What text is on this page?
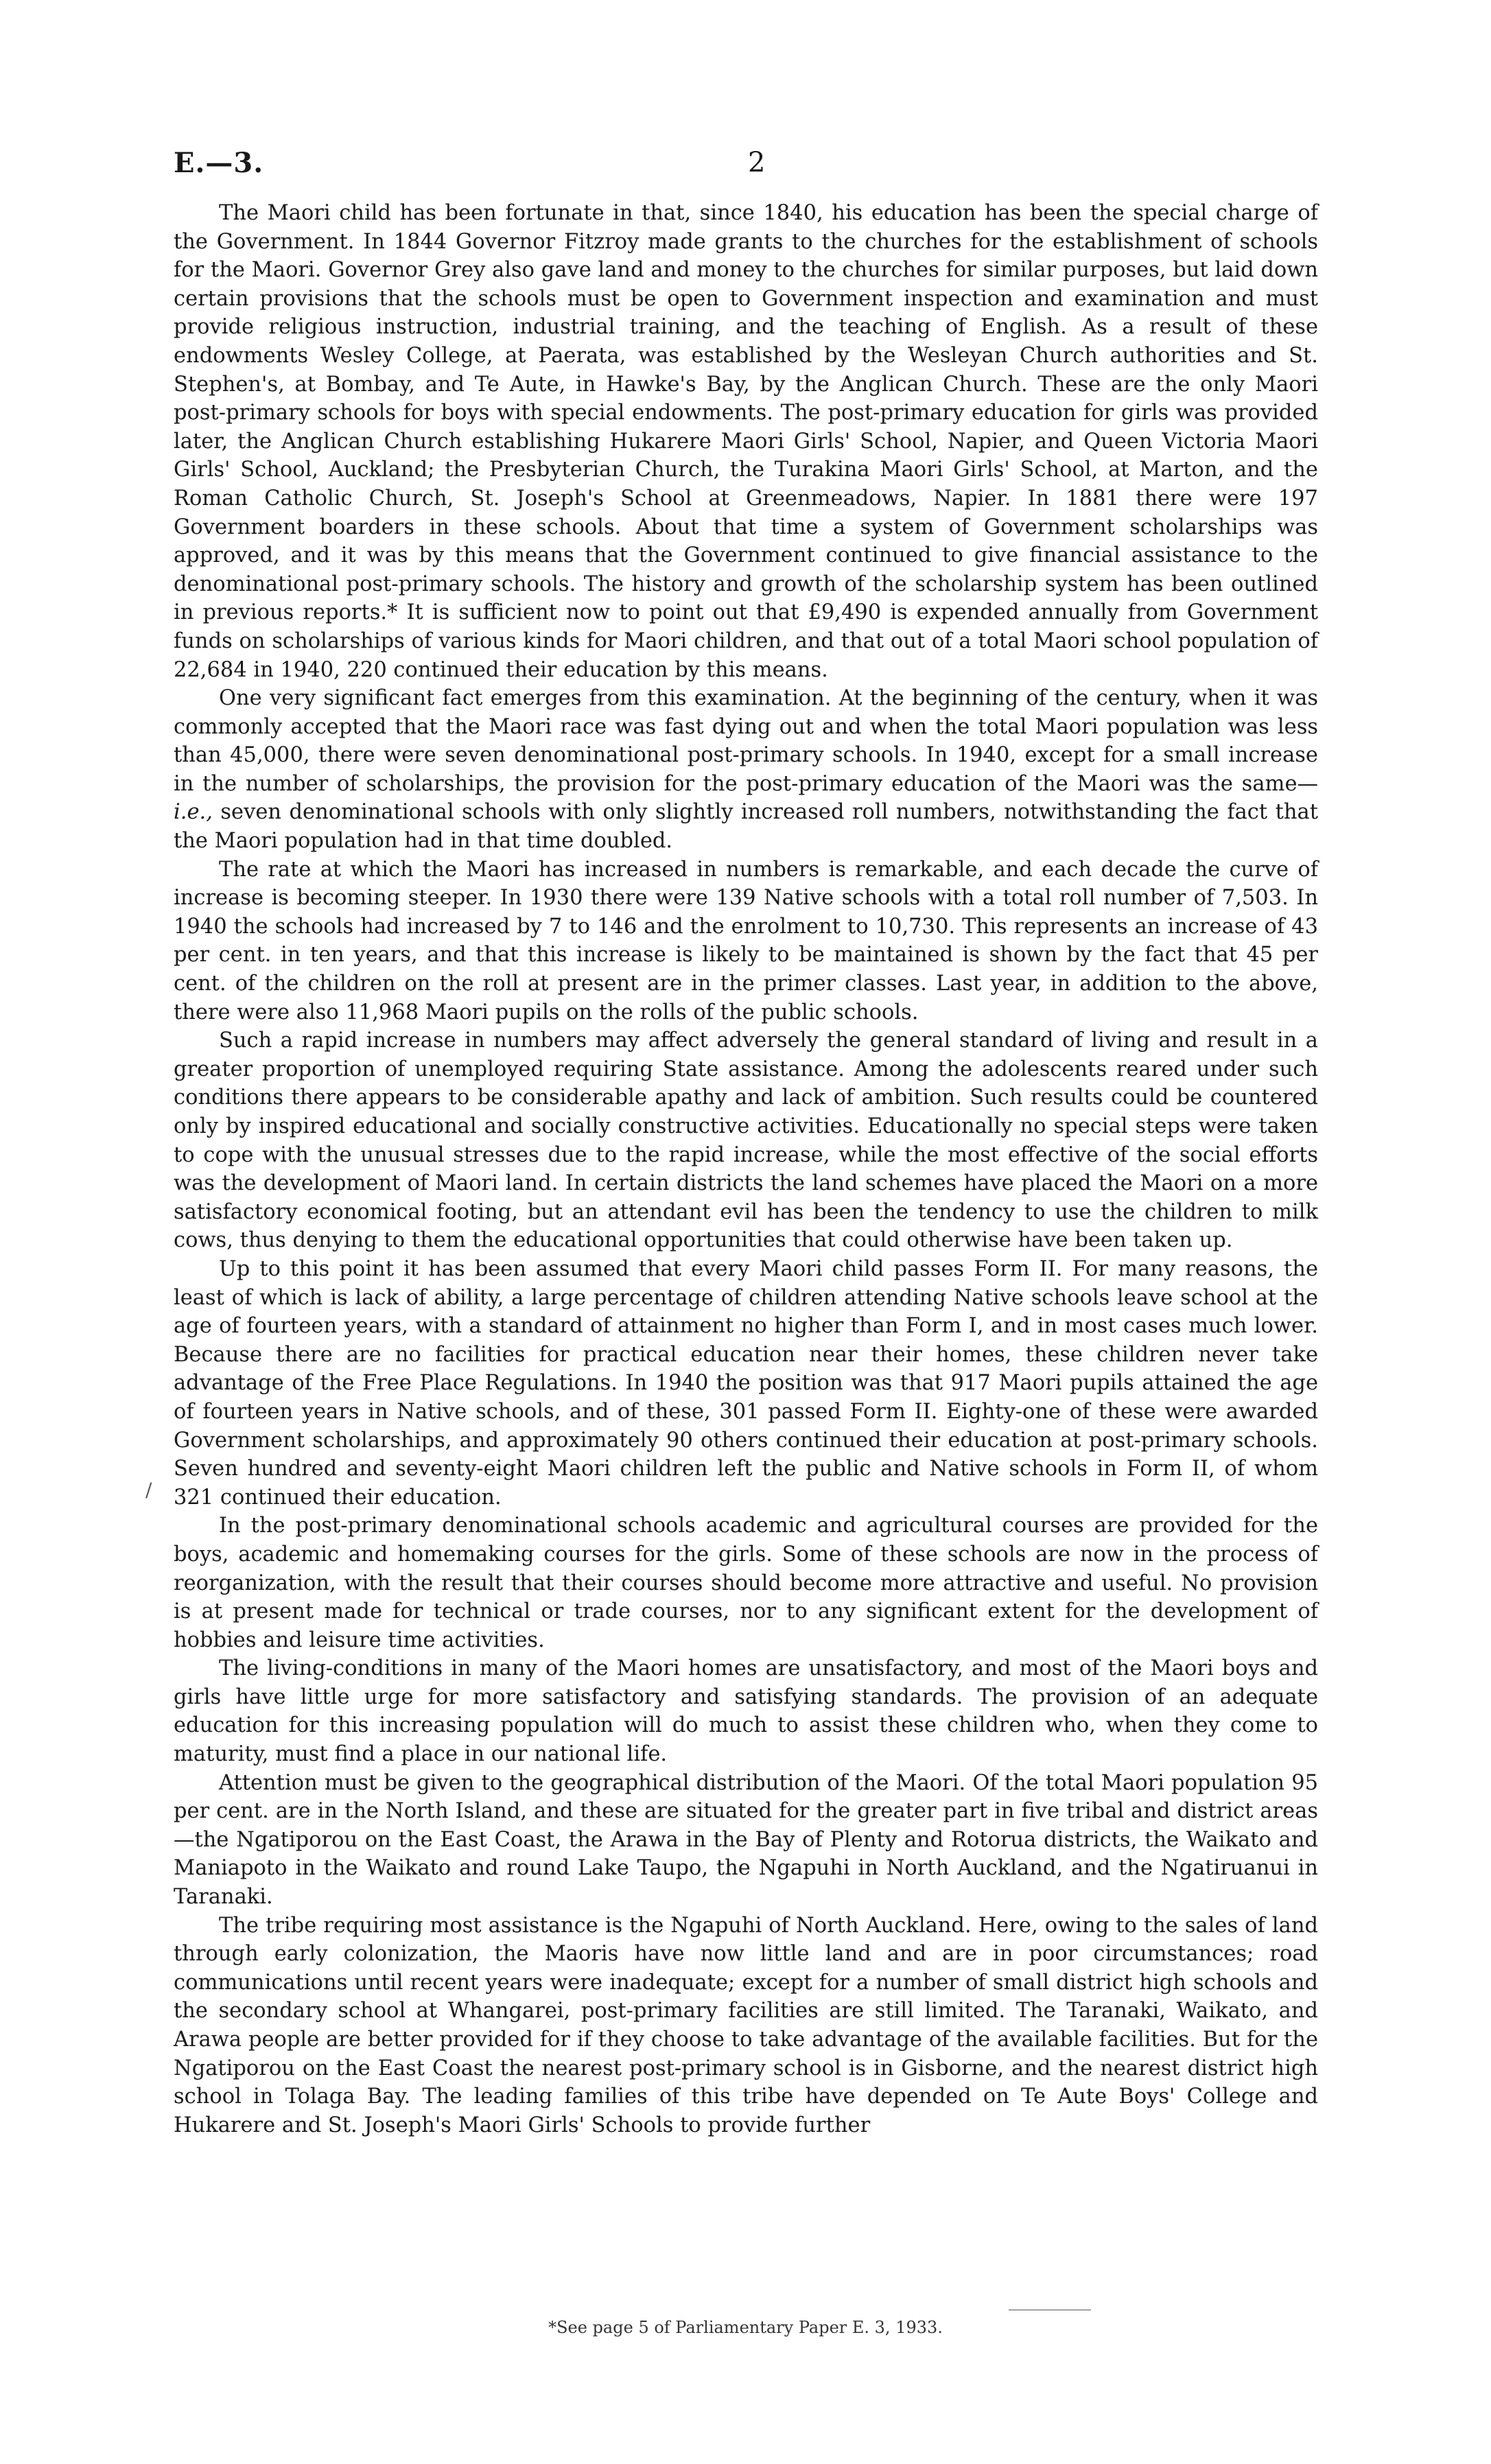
E.—3.	2
/

The Maori child has been fortunate in that, since 1840, his education has been the special charge of the Government. In 1844 Governor Fitzroy made grants to the churches for the establishment of schools for the Maori. Governor Grey also gave land and money to the churches for similar purposes, but laid down certain provisions that the schools must be open to Government inspection and examination and must provide religious instruction, industrial training, and the teaching of English. As a result of these endowments Wesley College, at Paerata, was established by the Wesleyan Church authorities and St. Stephen's, at Bombay, and Te Aute, in Hawke's Bay, by the Anglican Church. These are the only Maori post-primary schools for boys with special endowments. The post-primary education for girls was provided later, the Anglican Church establishing Hukarere Maori Girls' School, Napier, and Queen Victoria Maori Girls' School, Auckland; the Presbyterian Church, the Turakina Maori Girls' School, at Marton, and the Roman Catholic Church, St. Joseph's School at Greenmeadows, Napier. In 1881 there were 197 Government boarders in these schools. About that time a system of Government scholarships was approved, and it was by this means that the Government continued to give financial assistance to the denominational post-primary schools. The history and growth of the scholarship system has been outlined in previous reports.* It is sufficient now to point out that £9,490 is expended annually from Government funds on scholarships of various kinds for Maori children, and that out of a total Maori school population of 22,684 in 1940, 220 continued their education by this means.

One very significant fact emerges from this examination. At the beginning of the century, when it was commonly accepted that the Maori race was fast dying out and when the total Maori population was less than 45,000, there were seven denominational post-primary schools. In 1940, except for a small increase in the number of scholarships, the provision for the post-primary education of the Maori was the same—i.e., seven denominational schools with only slightly increased roll numbers, notwithstanding the fact that the Maori population had in that time doubled.

The rate at which the Maori has increased in numbers is remarkable, and each decade the curve of increase is becoming steeper. In 1930 there were 139 Native schools with a total roll number of 7,503. In 1940 the schools had increased by 7 to 146 and the enrolment to 10,730. This represents an increase of 43 per cent. in ten years, and that this increase is likely to be maintained is shown by the fact that 45 per cent. of the children on the roll at present are in the primer classes. Last year, in addition to the above, there were also 11,968 Maori pupils on the rolls of the public schools.

Such a rapid increase in numbers may affect adversely the general standard of living and result in a greater proportion of unemployed requiring State assistance. Among the adolescents reared under such conditions there appears to be considerable apathy and lack of ambition. Such results could be countered only by inspired educational and socially constructive activities. Educationally no special steps were taken to cope with the unusual stresses due to the rapid increase, while the most effective of the social efforts was the development of Maori land. In certain districts the land schemes have placed the Maori on a more satisfactory economical footing, but an attendant evil has been the tendency to use the children to milk cows, thus denying to them the educational opportunities that could otherwise have been taken up.

Up to this point it has been assumed that every Maori child passes Form II. For many reasons, the least of which is lack of ability, a large percentage of children attending Native schools leave school at the age of fourteen years, with a standard of attainment no higher than Form I, and in most cases much lower. Because there are no facilities for practical education near their homes, these children never take advantage of the Free Place Regulations. In 1940 the position was that 917 Maori pupils attained the age of fourteen years in Native schools, and of these, 301 passed Form II. Eighty-one of these were awarded Government scholarships, and approximately 90 others continued their education at post-primary schools. Seven hundred and seventy-eight Maori children left the public and Native schools in Form II, of whom 321 continued their education.

In the post-primary denominational schools academic and agricultural courses are provided for the boys, academic and homemaking courses for the girls. Some of these schools are now in the process of reorganization, with the result that their courses should become more attractive and useful. No provision is at present made for technical or trade courses, nor to any significant extent for the development of hobbies and leisure time activities.

The living-conditions in many of the Maori homes are unsatisfactory, and most of the Maori boys and girls have little urge for more satisfactory and satisfying standards. The provision of an adequate education for this increasing population will do much to assist these children who, when they come to maturity, must find a place in our national life.

Attention must be given to the geographical distribution of the Maori. Of the total Maori population 95 per cent. are in the North Island, and these are situated for the greater part in five tribal and district areas—the Ngatiporou on the East Coast, the Arawa in the Bay of Plenty and Rotorua districts, the Waikato and Maniapoto in the Waikato and round Lake Taupo, the Ngapuhi in North Auckland, and the Ngatiruanui in Taranaki.

The tribe requiring most assistance is the Ngapuhi of North Auckland. Here, owing to the sales of land through early colonization, the Maoris have now little land and are in poor circumstances; road communications until recent years were inadequate; except for a number of small district high schools and the secondary school at Whangarei, post-primary facilities are still limited. The Taranaki, Waikato, and Arawa people are better provided for if they choose to take advantage of the available facilities. But for the Ngatiporou on the East Coast the nearest post-primary school is in Gisborne, and the nearest district high school in Tolaga Bay. The leading families of this tribe have depended on Te Aute Boys' College and Hukarere and St. Joseph's Maori Girls' Schools to provide further

*See page 5 of Parliamentary Paper E. 3, 1933.
